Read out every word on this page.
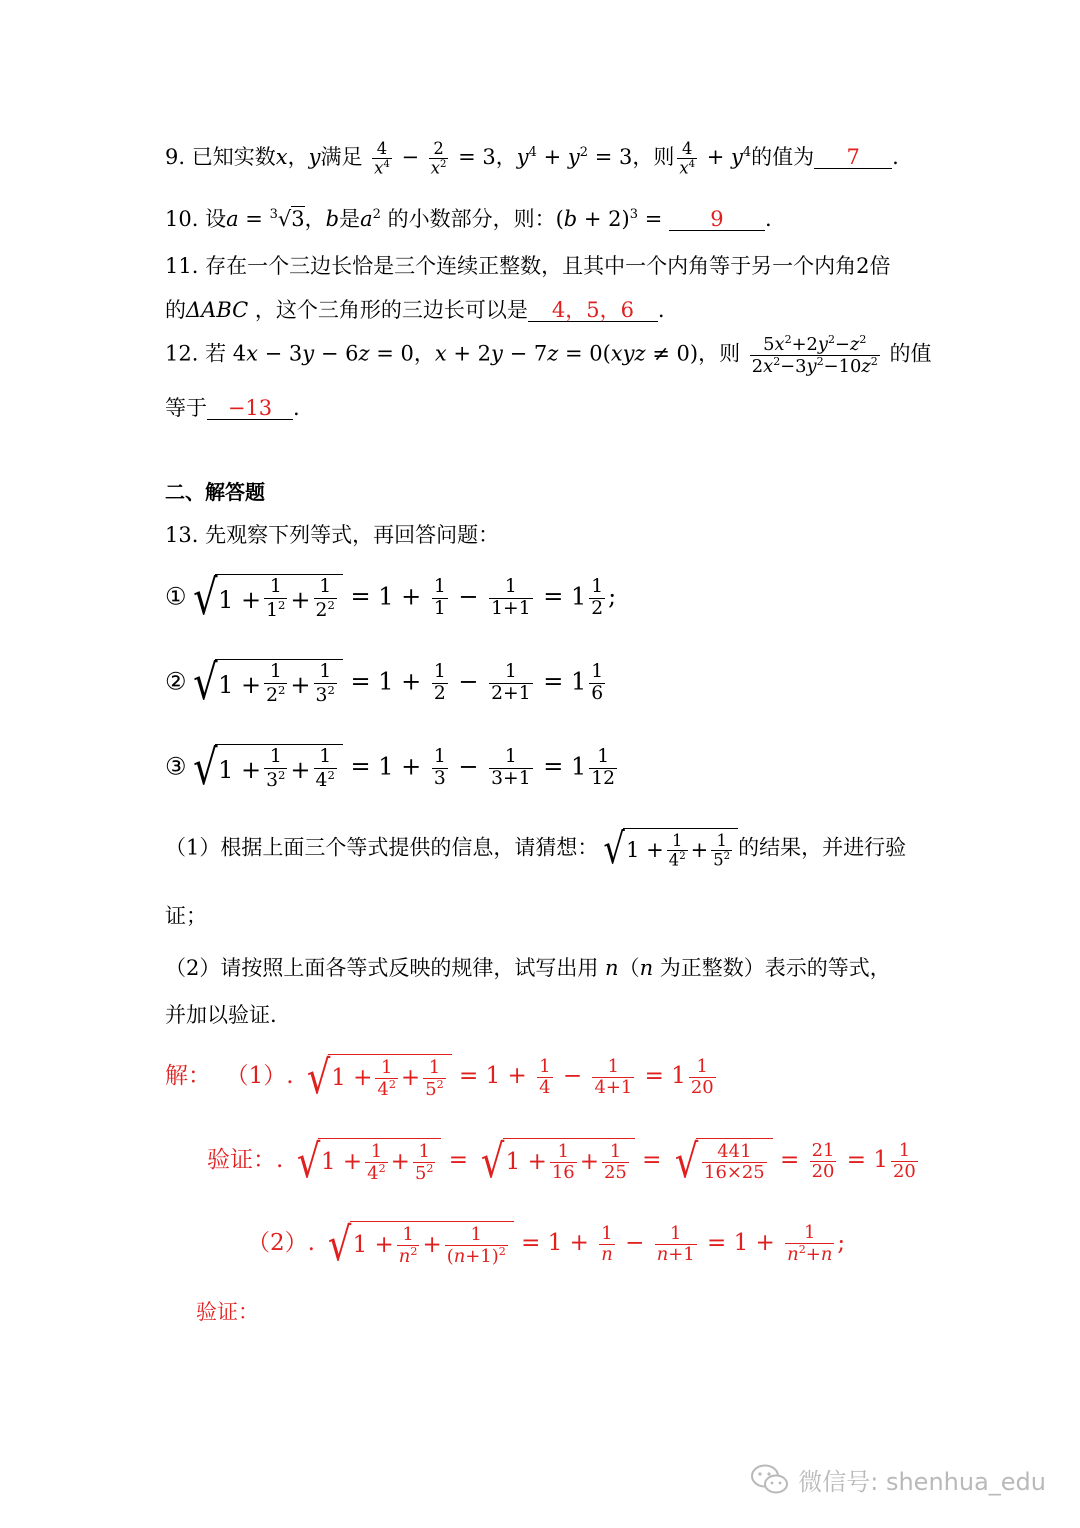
9. 已知实数x，y满足 $\frac{4}{x^4} - \frac{2}{x^2} = 3$，$y^4 + y^2 = 3$，则 $\frac{4}{x^4} + y^4$的值为 7 .
10. 设a = $^3$√3，b是$a^2$ 的小数部分，则：$(b + 2)^3 = 9$ .
11. 存在一个三边长恰是三个连续正整数，且其中一个内角等于另一个内角2倍
的ΔABC ，这个三角形的三边长可以是 4，5，6 .
12. 若 4x − 3y − 6z = 0，x + 2y − 7z = 0(xyz ≠ 0)，则 $\frac{5x^2+2y^2-z^2}{2x^2-3y^2-10z^2}$ 的值
等于 −13 .
二、解答题
13. 先观察下列等式，再回答问题：
① √ $1 + \frac{1}{1^2} + \frac{1}{2^2} = 1 + \frac{1}{1} - \frac{1}{1+1} = 1 \frac{1}{2}$ ;
② √ $1 + \frac{1}{2^2} + \frac{1}{3^2} = 1 + \frac{1}{2} - \frac{1}{2+1} = 1 \frac{1}{6}$
③ √ $1 + \frac{1}{3^2} + \frac{1}{4^2} = 1 + \frac{1}{3} - \frac{1}{3+1} = 1 \frac{1}{12}$
（1）根据上面三个等式提供的信息，请猜想： √ $1 + \frac{1}{4^2} + \frac{1}{5^2}$ 的结果，并进行验
证；
（2）请按照上面各等式反映的规律，试写出用 n（n 为正整数）表示的等式，
并加以验证.
解： （1）. √ $1 + \frac{1}{4^2} + \frac{1}{5^2} = 1 + \frac{1}{4} - \frac{1}{4+1} = 1 \frac{1}{20}$
验证：. √ $1 + \frac{1}{4^2} + \frac{1}{5^2}$ = √ $1 + \frac{1}{16} + \frac{1}{25}$ = √ $\frac{441}{16\times 25} = \frac{21}{20} = 1 \frac{1}{20}$
（2）. √ $1 + \frac{1}{n^2} + \frac{1}{(n+1)^2} = 1 + \frac{1}{n} - \frac{1}{n+1} = 1 + \frac{1}{n^2+n}$ ;
验证：
微信号: shenhua_edu
